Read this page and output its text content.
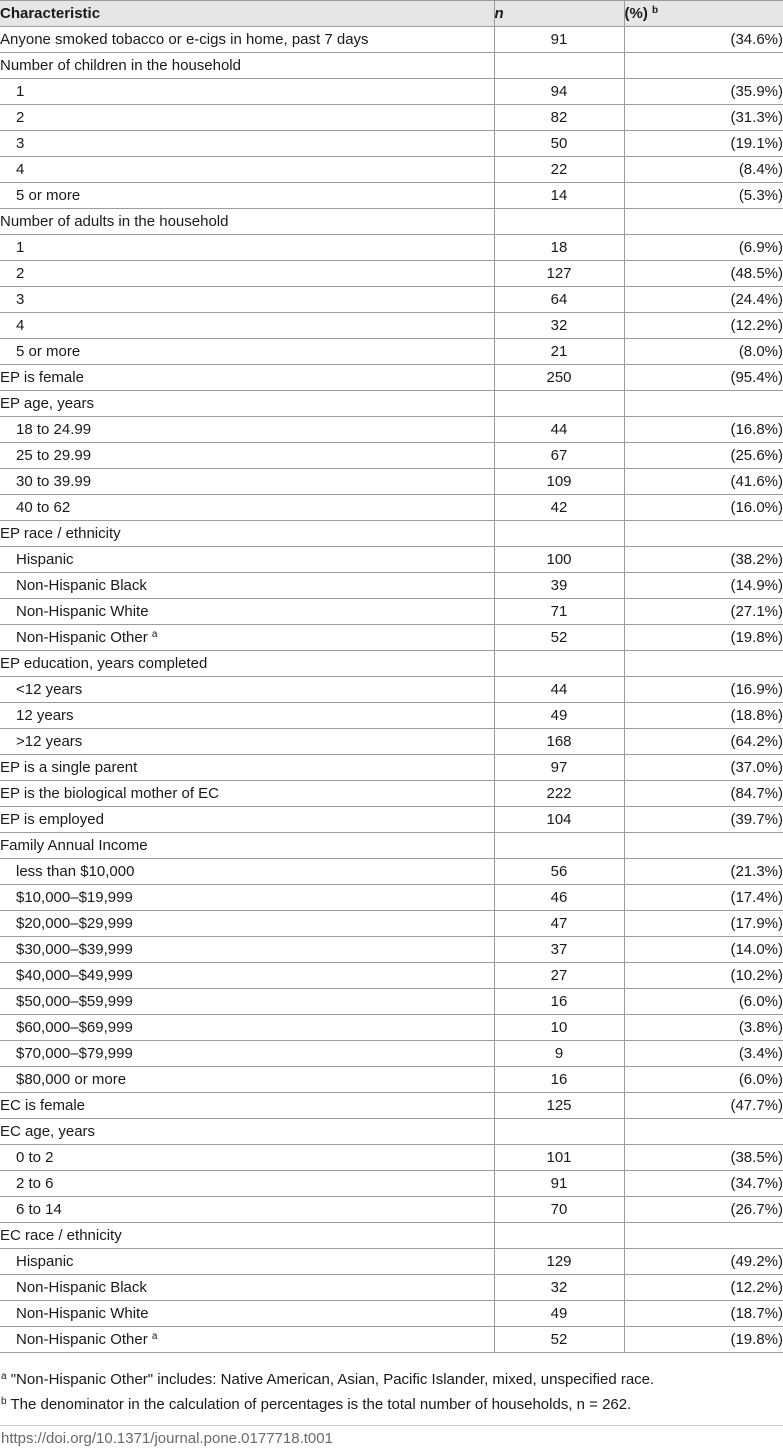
Characteristic	n	(%) $^b$
Anyone smoked tobacco or e-cigs in home, past 7 days	91	(34.6%)
Number of children in the household		
1	94	(35.9%)
2	82	(31.3%)
3	50	(19.1%)
4	22	(8.4%)
5 or more	14	(5.3%)
Number of adults in the household		
1	18	(6.9%)
2	127	(48.5%)
3	64	(24.4%)
4	32	(12.2%)
5 or more	21	(8.0%)
EP is female	250	(95.4%)
EP age, years		
18 to 24.99	44	(16.8%)
25 to 29.99	67	(25.6%)
30 to 39.99	109	(41.6%)
40 to 62	42	(16.0%)
EP race / ethnicity		
Hispanic	100	(38.2%)
Non-Hispanic Black	39	(14.9%)
Non-Hispanic White	71	(27.1%)
Non-Hispanic Other $^a$	52	(19.8%)
EP education, years completed		
<12 years	44	(16.9%)
12 years	49	(18.8%)
>12 years	168	(64.2%)
EP is a single parent	97	(37.0%)
EP is the biological mother of EC	222	(84.7%)
EP is employed	104	(39.7%)
Family Annual Income		
less than $10,000	56	(21.3%)
$10,000–$19,999	46	(17.4%)
$20,000–$29,999	47	(17.9%)
$30,000–$39,999	37	(14.0%)
$40,000–$49,999	27	(10.2%)
$50,000–$59,999	16	(6.0%)
$60,000–$69,999	10	(3.8%)
$70,000–$79,999	9	(3.4%)
$80,000 or more	16	(6.0%)
EC is female	125	(47.7%)
EC age, years		
0 to 2	101	(38.5%)
2 to 6	91	(34.7%)
6 to 14	70	(26.7%)
EC race / ethnicity		
Hispanic	129	(49.2%)
Non-Hispanic Black	32	(12.2%)
Non-Hispanic White	49	(18.7%)
Non-Hispanic Other $^a$	52	(19.8%)
$^a$ "Non-Hispanic Other" includes: Native American, Asian, Pacific Islander, mixed, unspecified race.
$^b$ The denominator in the calculation of percentages is the total number of households, n = 262.
https://doi.org/10.1371/journal.pone.0177718.t001
